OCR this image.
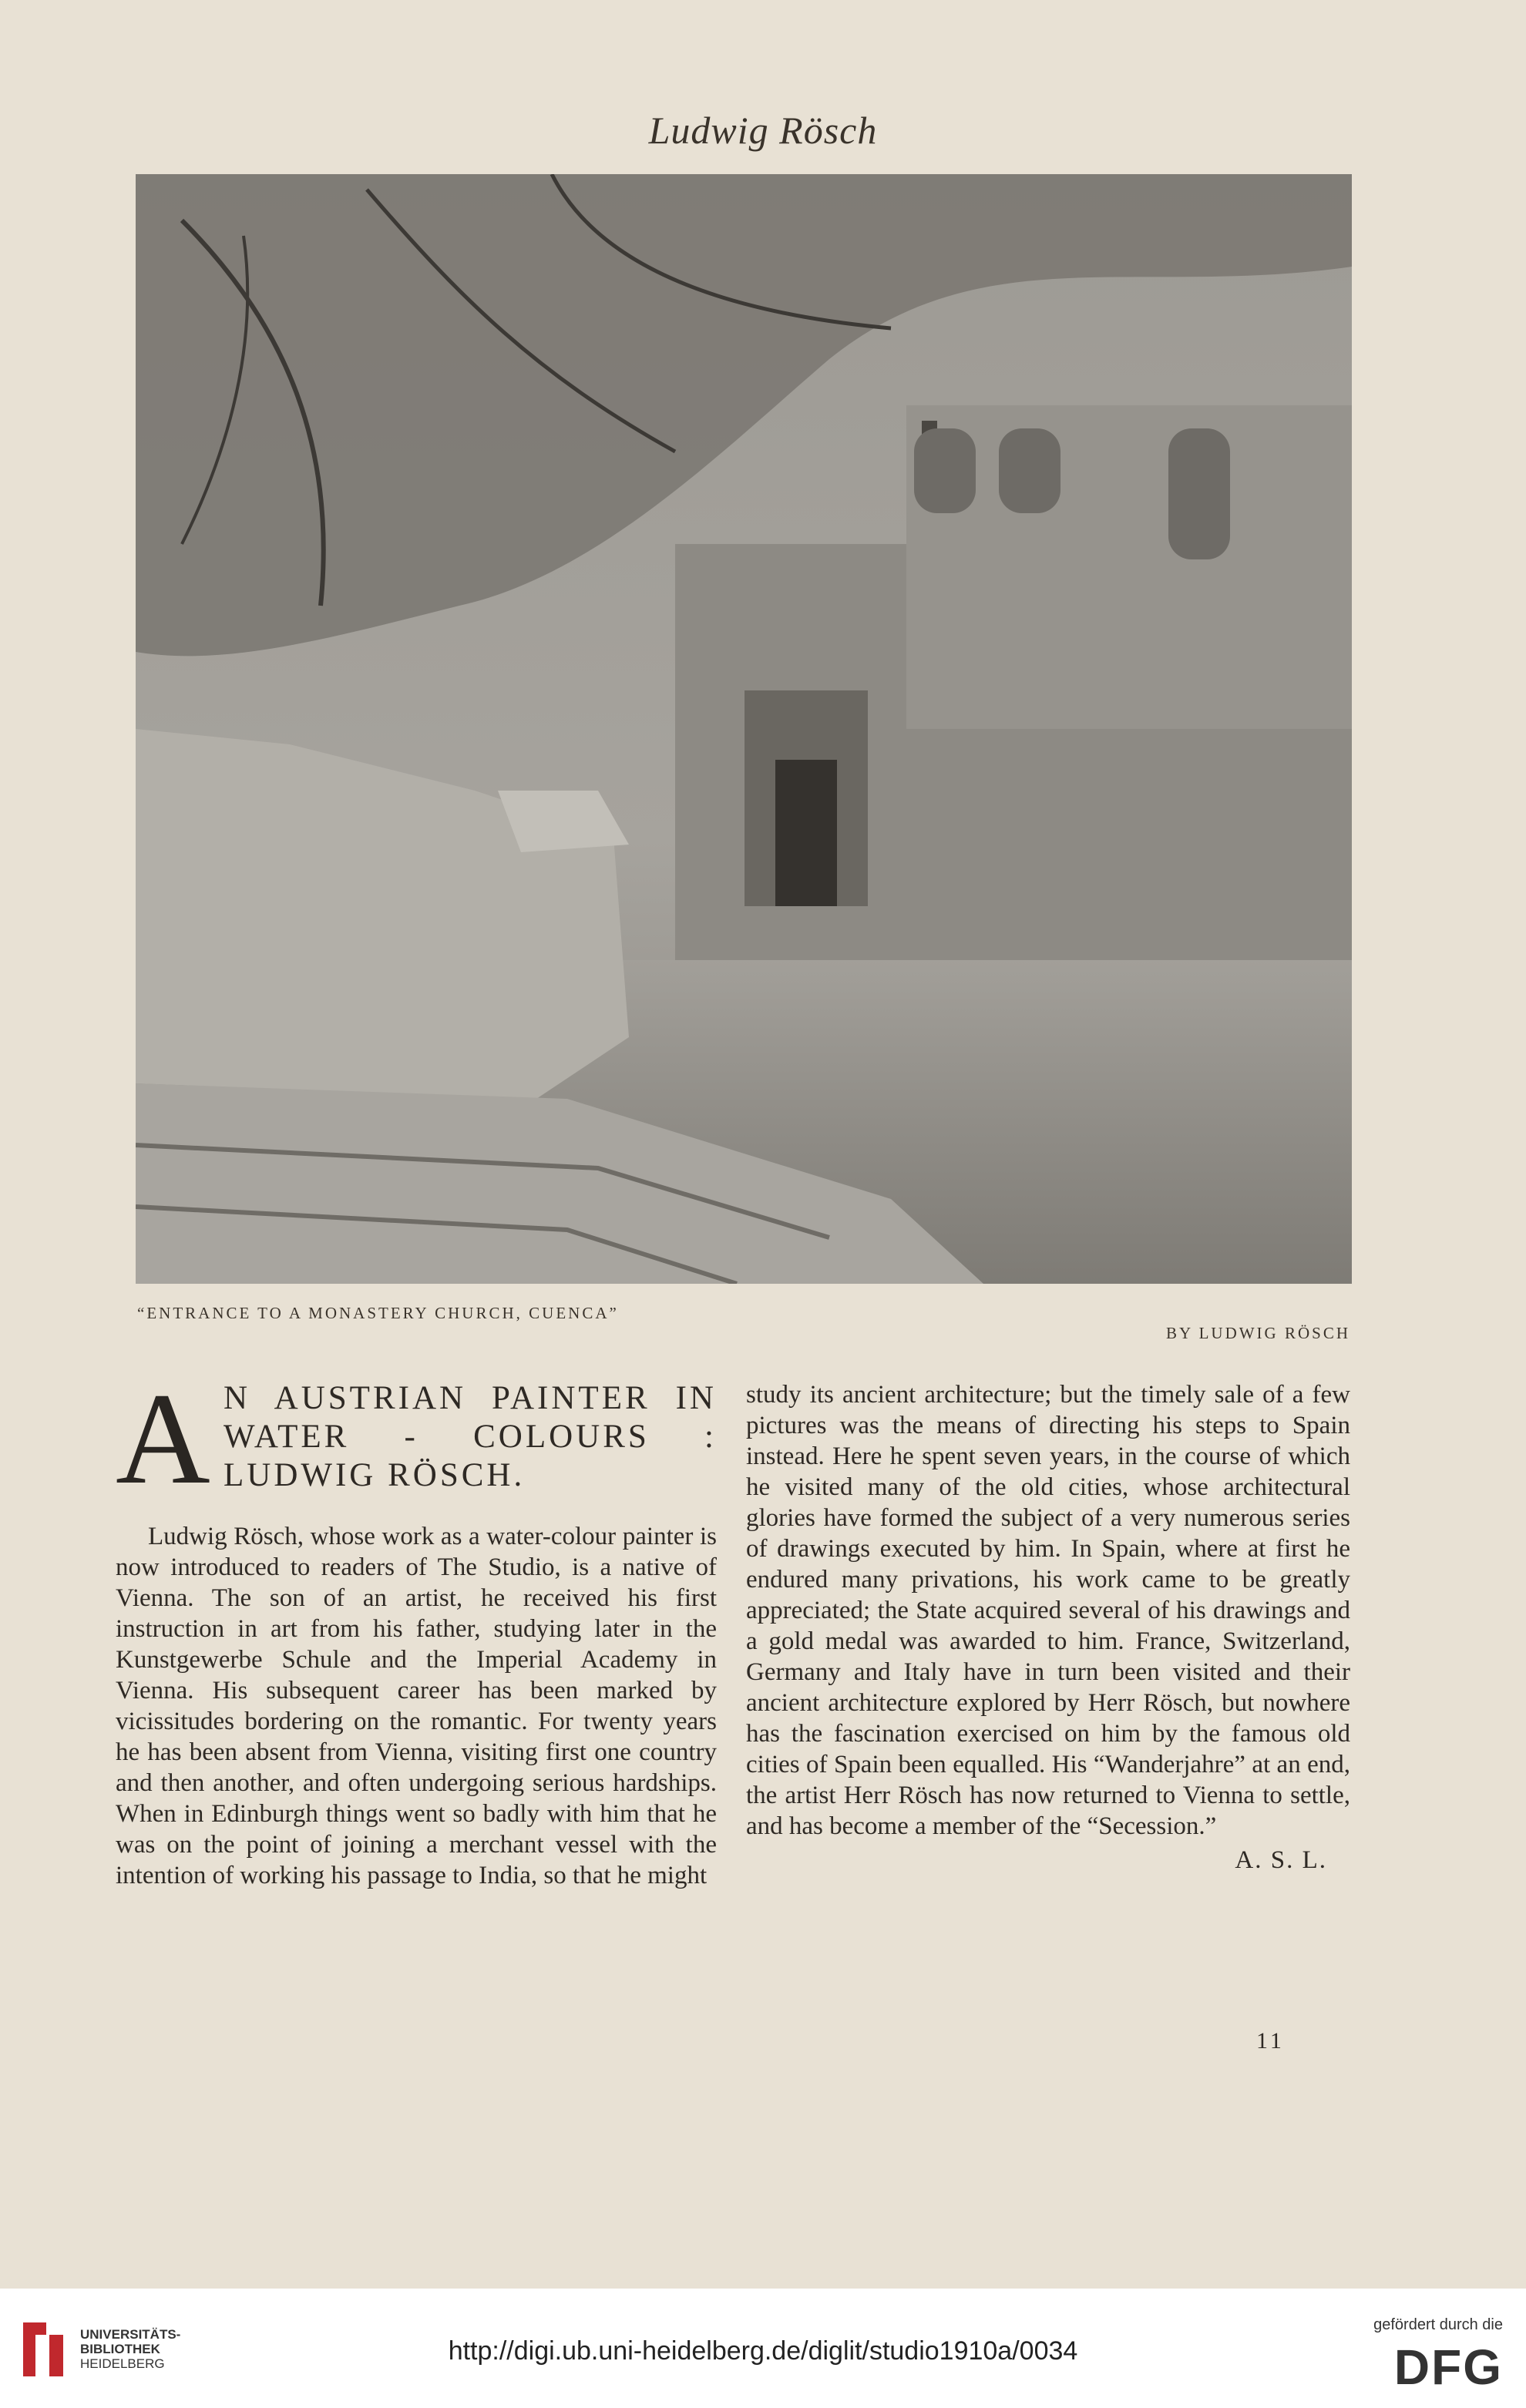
Ludwig Rösch
“ENTRANCE TO A MONASTERY CHURCH, CUENCA”
BY LUDWIG RÖSCH
A N AUSTRIAN PAINTER IN WATER - COLOURS : LUDWIG RÖSCH.

Ludwig Rösch, whose work as a water-colour painter is now introduced to readers of The Studio, is a native of Vienna. The son of an artist, he received his first instruction in art from his father, studying later in the Kunstgewerbe Schule and the Imperial Academy in Vienna. His subsequent career has been marked by vicissitudes bordering on the romantic. For twenty years he has been absent from Vienna, visiting first one country and then another, and often undergoing serious hardships. When in Edinburgh things went so badly with him that he was on the point of joining a merchant vessel with the intention of working his passage to India, so that he might

study its ancient architecture; but the timely sale of a few pictures was the means of directing his steps to Spain instead. Here he spent seven years, in the course of which he visited many of the old cities, whose architectural glories have formed the subject of a very numerous series of drawings executed by him. In Spain, where at first he endured many privations, his work came to be greatly appreciated; the State acquired several of his drawings and a gold medal was awarded to him. France, Switzerland, Germany and Italy have in turn been visited and their ancient architecture explored by Herr Rösch, but nowhere has the fascination exercised on him by the famous old cities of Spain been equalled. His “Wanderjahre” at an end, the artist Herr Rösch has now returned to Vienna to settle, and has become a member of the “Secession.”

A. S. L.
11
UNIVERSITÄTS-
BIBLIOTHEK
HEIDELBERG	http://digi.ub.uni-heidelberg.de/diglit/studio1910a/0034
gefördert durch die
DFG
